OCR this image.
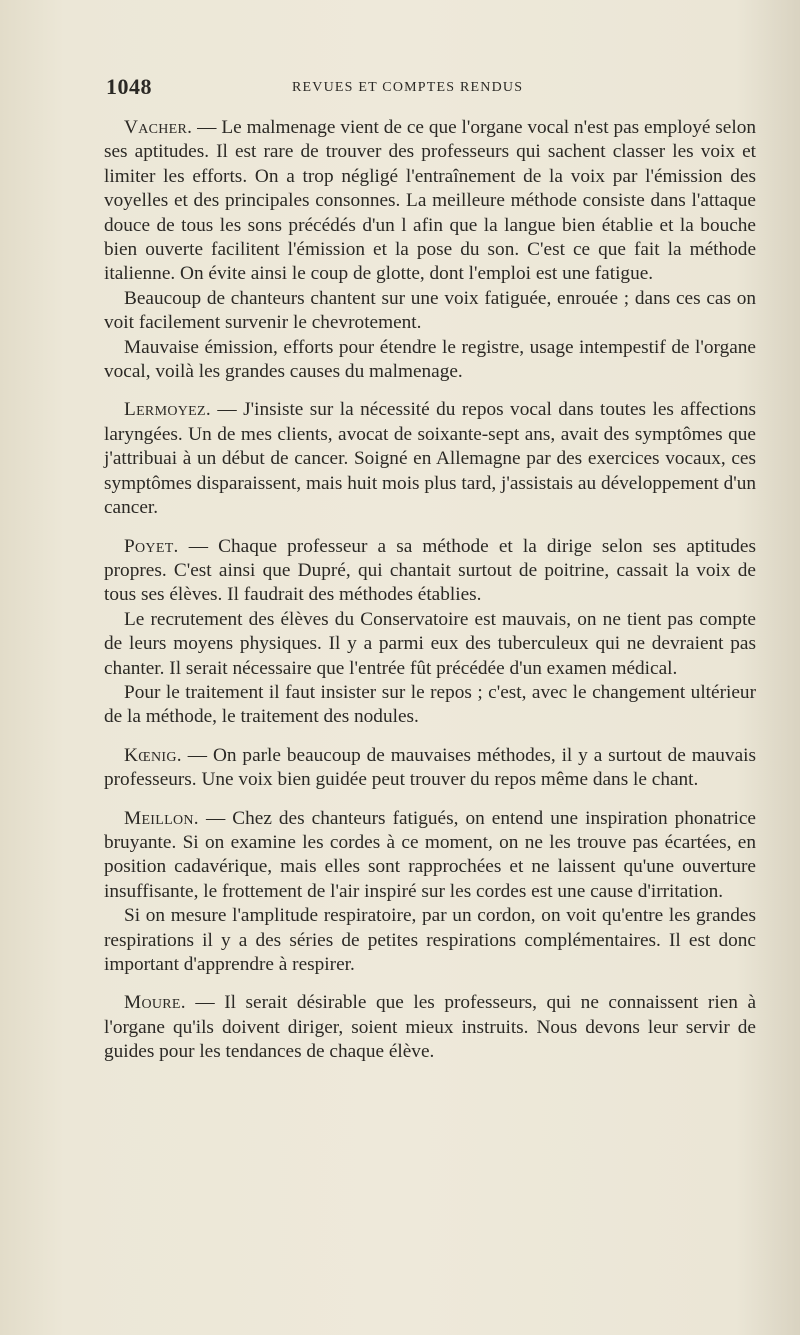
1048	REVUES ET COMPTES RENDUS

Vacher. — Le malmenage vient de ce que l'organe vocal n'est pas employé selon ses aptitudes. Il est rare de trouver des professeurs qui sachent classer les voix et limiter les efforts. On a trop négligé l'entraînement de la voix par l'émission des voyelles et des principales consonnes. La meilleure méthode consiste dans l'attaque douce de tous les sons précédés d'un l afin que la langue bien établie et la bouche bien ouverte facilitent l'émission et la pose du son. C'est ce que fait la méthode italienne. On évite ainsi le coup de glotte, dont l'emploi est une fatigue.

Beaucoup de chanteurs chantent sur une voix fatiguée, enrouée ; dans ces cas on voit facilement survenir le chevrotement.

Mauvaise émission, efforts pour étendre le registre, usage intempestif de l'organe vocal, voilà les grandes causes du malmenage.

Lermoyez. — J'insiste sur la nécessité du repos vocal dans toutes les affections laryngées. Un de mes clients, avocat de soixante-sept ans, avait des symptômes que j'attribuai à un début de cancer. Soigné en Allemagne par des exercices vocaux, ces symptômes disparaissent, mais huit mois plus tard, j'assistais au développement d'un cancer.

Poyet. — Chaque professeur a sa méthode et la dirige selon ses aptitudes propres. C'est ainsi que Dupré, qui chantait surtout de poitrine, cassait la voix de tous ses élèves. Il faudrait des méthodes établies.

Le recrutement des élèves du Conservatoire est mauvais, on ne tient pas compte de leurs moyens physiques. Il y a parmi eux des tuberculeux qui ne devraient pas chanter. Il serait nécessaire que l'entrée fût précédée d'un examen médical.

Pour le traitement il faut insister sur le repos ; c'est, avec le changement ultérieur de la méthode, le traitement des nodules.

Kœnig. — On parle beaucoup de mauvaises méthodes, il y a surtout de mauvais professeurs. Une voix bien guidée peut trouver du repos même dans le chant.

Meillon. — Chez des chanteurs fatigués, on entend une inspiration phonatrice bruyante. Si on examine les cordes à ce moment, on ne les trouve pas écartées, en position cadavérique, mais elles sont rapprochées et ne laissent qu'une ouverture insuffisante, le frottement de l'air inspiré sur les cordes est une cause d'irritation.

Si on mesure l'amplitude respiratoire, par un cordon, on voit qu'entre les grandes respirations il y a des séries de petites respirations complémentaires. Il est donc important d'apprendre à respirer.

Moure. — Il serait désirable que les professeurs, qui ne connaissent rien à l'organe qu'ils doivent diriger, soient mieux instruits. Nous devons leur servir de guides pour les tendances de chaque élève.
